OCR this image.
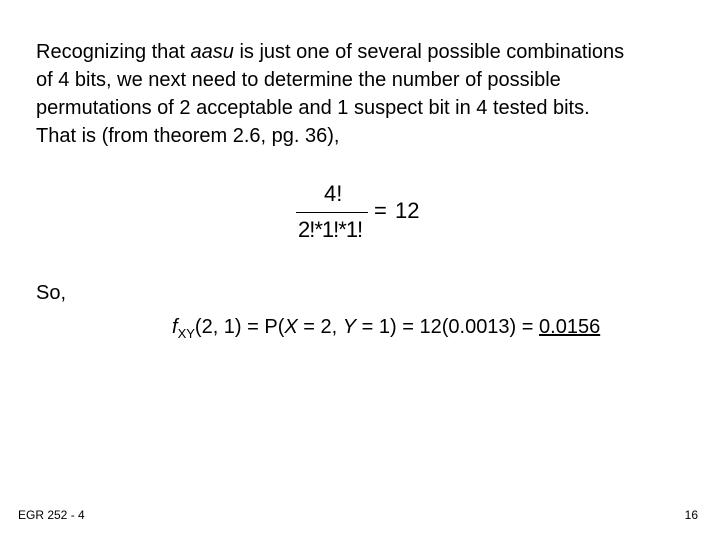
Recognizing that aasu is just one of several possible combinations

of 4 bits, we next need to determine the number of possible

permutations of 2 acceptable and 1 suspect bit in 4 tested bits.

That is (from theorem 2.6, pg. 36),

4!
2!*1!*1!
= 12
So,
$f_{XY}(2$, 1) = P(X = 2, Y = 1) = 12(0.0013) = 0.0156
EGR 252 - 4	16
